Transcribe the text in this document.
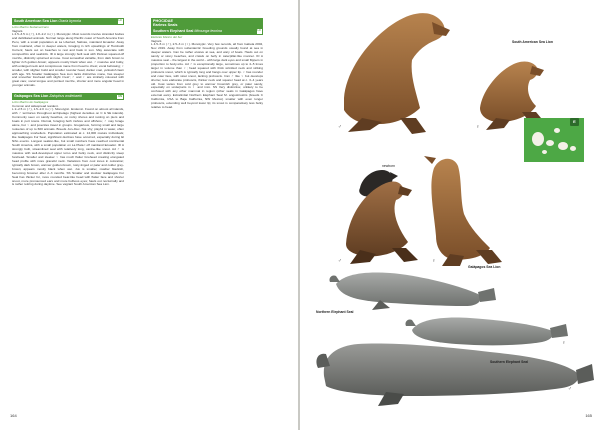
South American Sea Lion Otaria byronia	LC
Lobo Marino Sudamericano
Vagrant.

L 2.5–3.5 m (♂), 1.8–2.2 m (♀). Monotypic. Most records involve stranded bodies and debilitated animals. Normal range along Pacific coast of South America from Peru, with a small population at La Libertad, Salinas, mainland Ecuador. Away from mainland, often in deeper waters, foraging in rich upwellings of Humboldt Current; hauls out on beaches to rest and bask in sun. May associate with conspecifics and seabirds. ID A large strongly built seal with thickset squared-off muzzle, distinctly upturned at nose. Coat somewhat variable, from dark brown to lighter rich golden-brown; appears mostly black when wet. ♂ massive and bulky, with enlarged neck and conspicuous mane from head to chest; vocal bellowing; ♀ smaller, with slighter build and smaller rounder head, darker coat, yellowish fawn with age. SS Smaller Galápagos Sea Lion lacks distinctive mane, has steeper and smoother forehead with slight 'crest'; ♂ and ♀ are similarly coloured with great care; vocal tongue and pointed muzzle, shorter and more angular head in younger animals.

Galápagos Sea Lion Zalophus wollebaeki	EN
Lobo Marino de Galápagos
Common and widespread resident.

L 2–2.5 m (♂), 1.5–2.0 m (♀). Monotypic. Endemic. Found on almost all islands, with ♂ territories throughout archipelago (highest densities on C & SE islands). Commonly seen on sandy beaches, on rocky shores and resting on piers and boats in port towns. Diurnal, foraging both inshore and offshore; ♂ may forage alone, but ♀ and juveniles travel in groups. Gregarious, forming small and large rookeries of up to 600 animals. Breeds Jun–Dec. Not shy; playful in water, often approaching snorkellers. Population estimated at c. 14,000 mature individuals; like Galápagos Fur Seal, significant declines have occurred, especially during El Niño events. Longest sealion-like, but small numbers have reached continental South America, with a small population on La Plata I off mainland Ecuador. ID A strongly built, streamlined seal with relatively long, canine-like snout. Ad ♂ is massive with well-developed upper torso and bulky neck, and distinctly steep forehead. Smaller and sleeker ♀ has much flatter forehead creating elongated head profile with more graceful neck. Variations from cool tones in coloration; typically dark brown, warmer golden-brown, rusty-tinged or paler and colder grey-brown; appears mostly black when wet. Juv is smaller, rowdier blackish, becoming browner after 2–3 months. SS Smaller and stockier Galápagos Fur Seal has thicker fur, more rounded bear-like head with flatter face and shorter snout, more pronounced ears and more bulbous eyes; hauls out nocturnally and is rather retiring during daytime. See vagrant South American Sea Lion.

PHOCIDAE
Earless Seals
Southern Elephant Seal Mirounga leonina	LC
Elefante Marino del Sur
Vagrant.

L 4.5–5 m (♂), 2.5–3 m (♀). Monotypic. Very few records, all from Isabela 2004, Nov 2019. Away from subantarctic breeding grounds usually found at sea in deeper waters. Can be rather elusive at sea, and wary of boats. Hauls out on sandy or stony beaches, and crawls on belly in caterpillar-like manner. ID A massive seal – the largest in the world – with large dark eyes and small flippers in proportion to body-size. Ad ♂ is exceptionally large, sometimes up to 4–5 times larger in volume than ♀; head squared with thick wrinkled neck and striking proboscis snout, which is typically long and hangs over upper lip. ♀ has rounder and cuter face, with stout snout, lacking proboscis. Imm ♂ like ♀ but develops shorter, less elaborate proboscis, thicker neck and squarer head at c. 3–4 years old. Coat varies from cold grey to warmer brownish grey, or paler sandy, especially on underparts in ♀ and imm. SS Very distinctive; unlikely to be confused with any other mammal in region (other seals in Galápagos have external ears). Extralimital Northern Elephant Seal M. angustirostris (breeds C California, USA to Baja California, NW Mexico) smaller with even longer proboscis, extending well beyond lower lip; its snout is comparatively less bulky relative to head.

164
South American Sea Lion
newborn
Galápagos Sea Lion
Northern Elephant Seal
Southern Elephant Seal
♂	♀
♂	♀
♀
♂
E
165
